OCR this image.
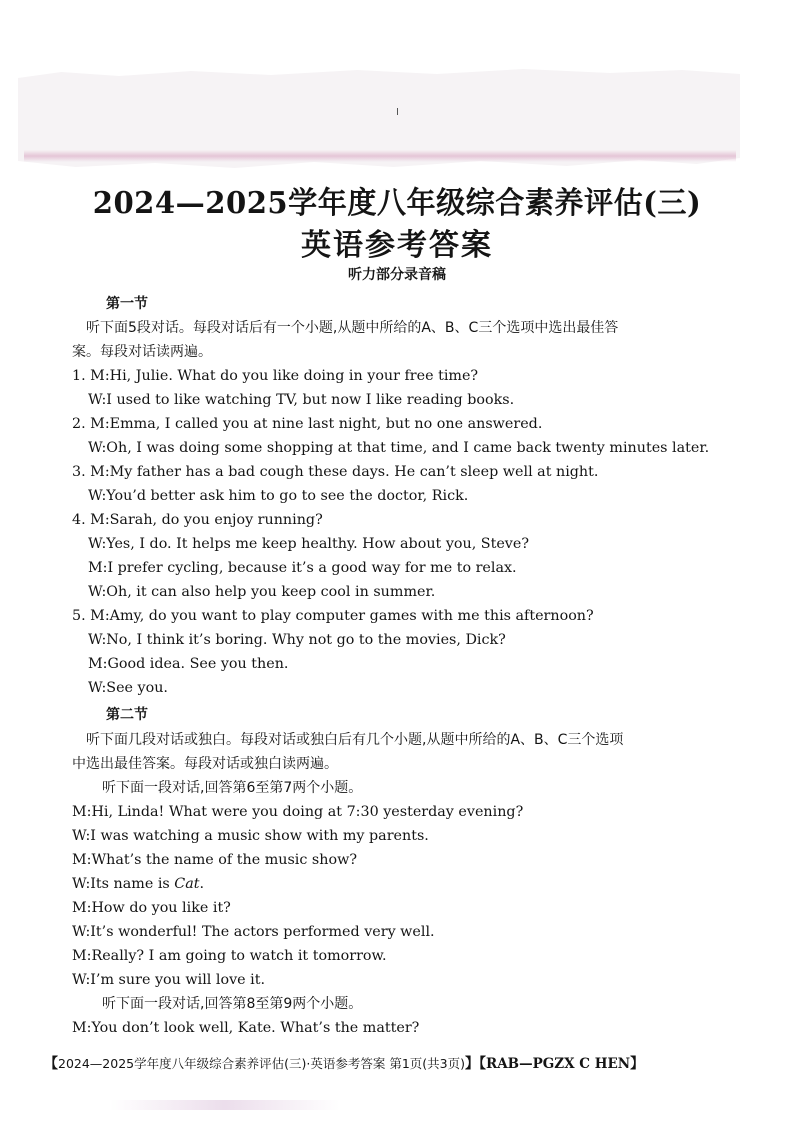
2024—2025学年度八年级综合素养评估(三)
英语参考答案
听力部分录音稿
第一节
听下面5段对话。每段对话后有一个小题,从题中所给的A、B、C三个选项中选出最佳答
案。每段对话读两遍。
1. M:Hi, Julie. What do you like doing in your free time?
W:I used to like watching TV, but now I like reading books.
2. M:Emma, I called you at nine last night, but no one answered.
W:Oh, I was doing some shopping at that time, and I came back twenty minutes later.
3. M:My father has a bad cough these days. He can’t sleep well at night.
W:You’d better ask him to go to see the doctor, Rick.
4. M:Sarah, do you enjoy running?
W:Yes, I do. It helps me keep healthy. How about you, Steve?
M:I prefer cycling, because it’s a good way for me to relax.
W:Oh, it can also help you keep cool in summer.
5. M:Amy, do you want to play computer games with me this afternoon?
W:No, I think it’s boring. Why not go to the movies, Dick?
M:Good idea. See you then.
W:See you.
第二节
听下面几段对话或独白。每段对话或独白后有几个小题,从题中所给的A、B、C三个选项
中选出最佳答案。每段对话或独白读两遍。
听下面一段对话,回答第6至第7两个小题。
M:Hi, Linda! What were you doing at 7:30 yesterday evening?
W:I was watching a music show with my parents.
M:What’s the name of the music show?
W:Its name is Cat.
M:How do you like it?
W:It’s wonderful! The actors performed very well.
M:Really? I am going to watch it tomorrow.
W:I’m sure you will love it.
听下面一段对话,回答第8至第9两个小题。
M:You don’t look well, Kate. What’s the matter?
【2024—2025学年度八年级综合素养评估(三)·英语参考答案 第1页(共3页)】【RAB—PGZX C HEN】
